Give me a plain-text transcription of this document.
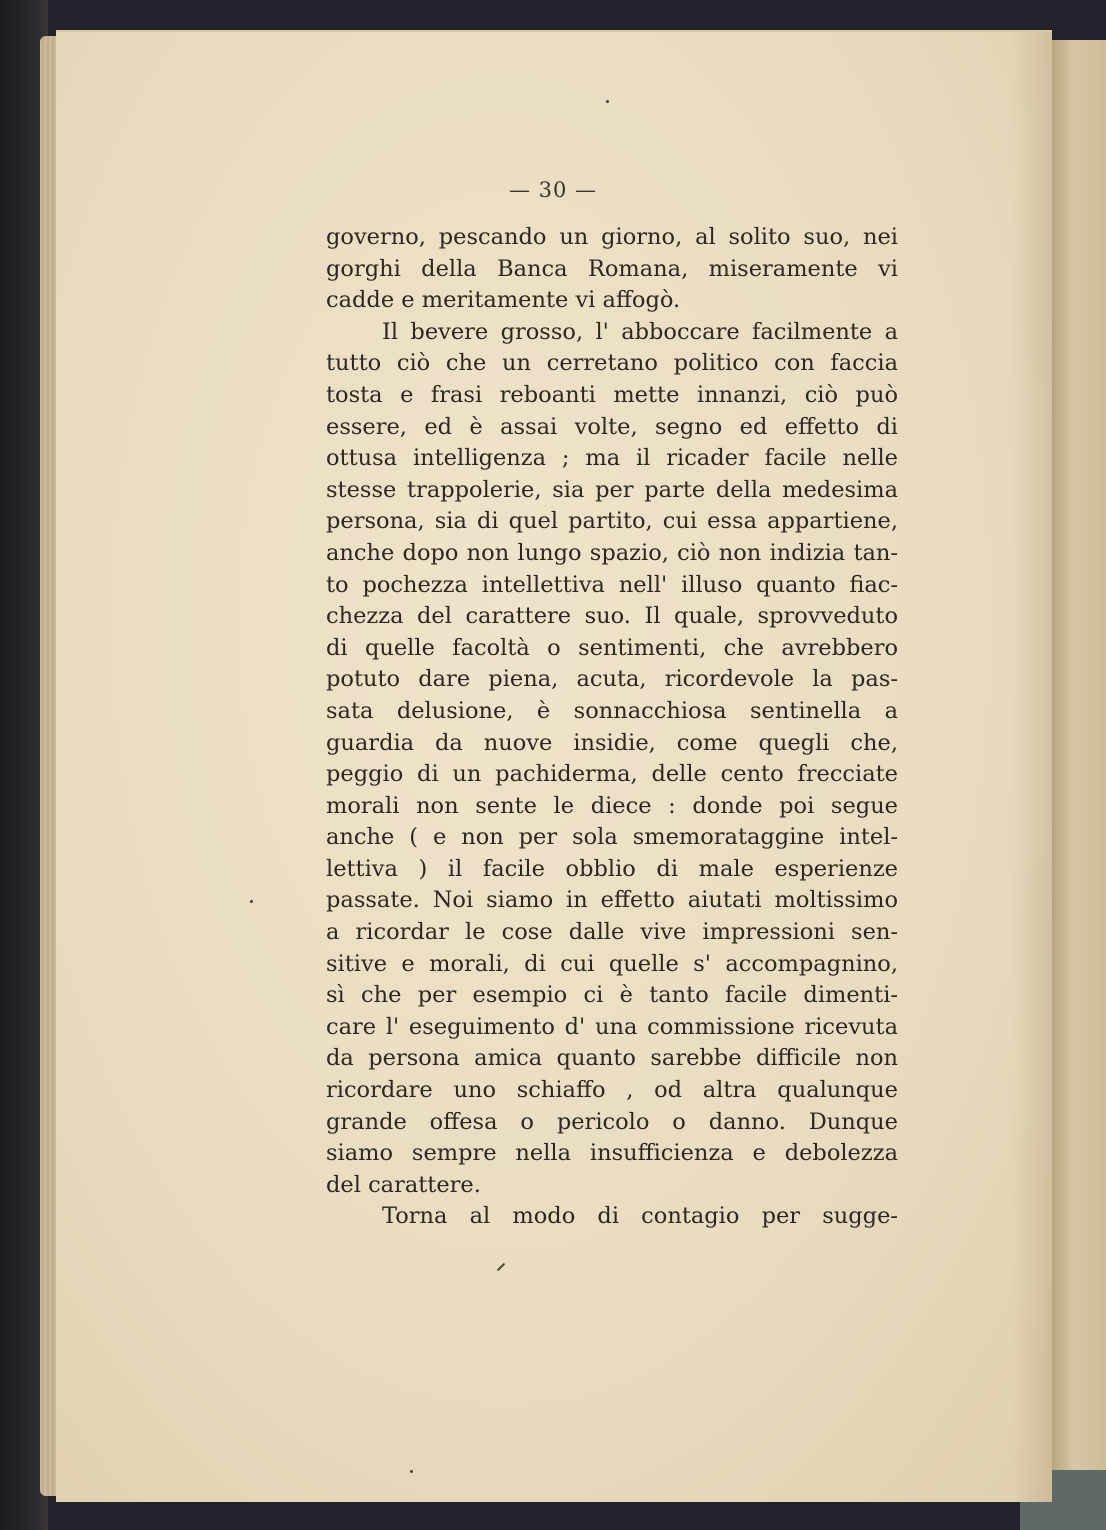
— 30 —
governo, pescando un giorno, al solito suo, nei
gorghi della Banca Romana, miseramente vi
cadde e meritamente vi affogò.
Il bevere grosso, l' abboccare facilmente a
tutto ciò che un cerretano politico con faccia
tosta e frasi reboanti mette innanzi, ciò può
essere, ed è assai volte, segno ed effetto di
ottusa intelligenza ; ma il ricader facile nelle
stesse trappolerie, sia per parte della medesima
persona, sia di quel partito, cui essa appartiene,
anche dopo non lungo spazio, ciò non indizia tan-
to pochezza intellettiva nell' illuso quanto fiac-
chezza del carattere suo. Il quale, sprovveduto
di quelle facoltà o sentimenti, che avrebbero
potuto dare piena, acuta, ricordevole la pas-
sata delusione, è sonnacchiosa sentinella a
guardia da nuove insidie, come quegli che,
peggio di un pachiderma, delle cento frecciate
morali non sente le diece : donde poi segue
anche ( e non per sola smemorataggine intel-
lettiva ) il facile obblio di male esperienze
passate. Noi siamo in effetto aiutati moltissimo
a ricordar le cose dalle vive impressioni sen-
sitive e morali, di cui quelle s' accompagnino,
sì che per esempio ci è tanto facile dimenti-
care l' eseguimento d' una commissione ricevuta
da persona amica quanto sarebbe difficile non
ricordare uno schiaffo , od altra qualunque
grande offesa o pericolo o danno. Dunque
siamo sempre nella insufficienza e debolezza
del carattere.
Torna al modo di contagio per sugge-
